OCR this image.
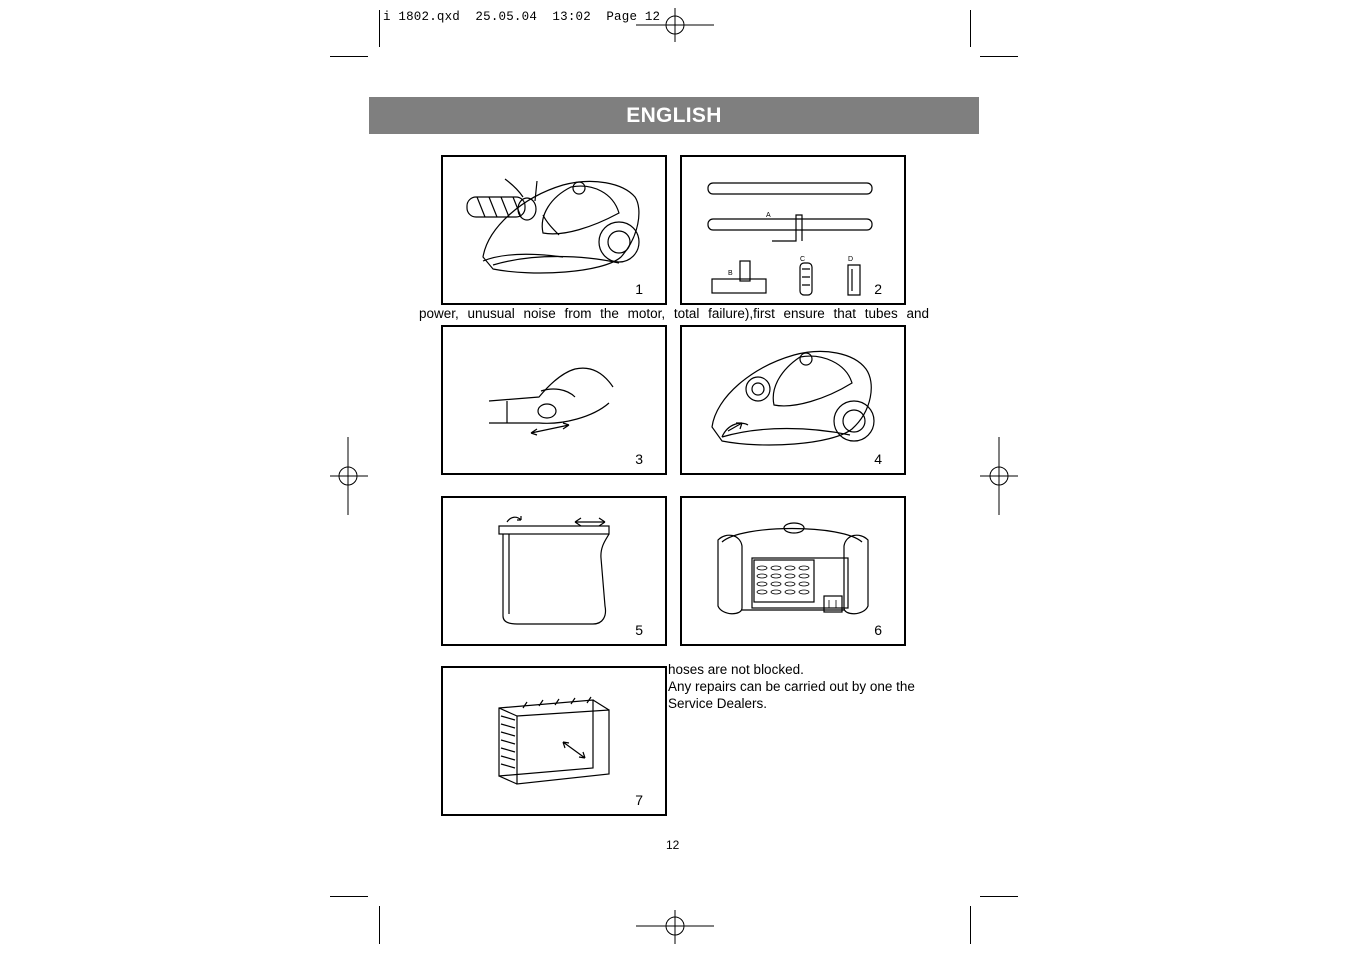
i 1802.qxd  25.05.04  13:02  Page 12
ENGLISH
1
A
B
C	D
2
power, unusual noise from the motor, total failure),first ensure that tubes and
3	4
5	6
7
hoses are not blocked.
Any repairs can be carried out by one the
Service Dealers.
12
